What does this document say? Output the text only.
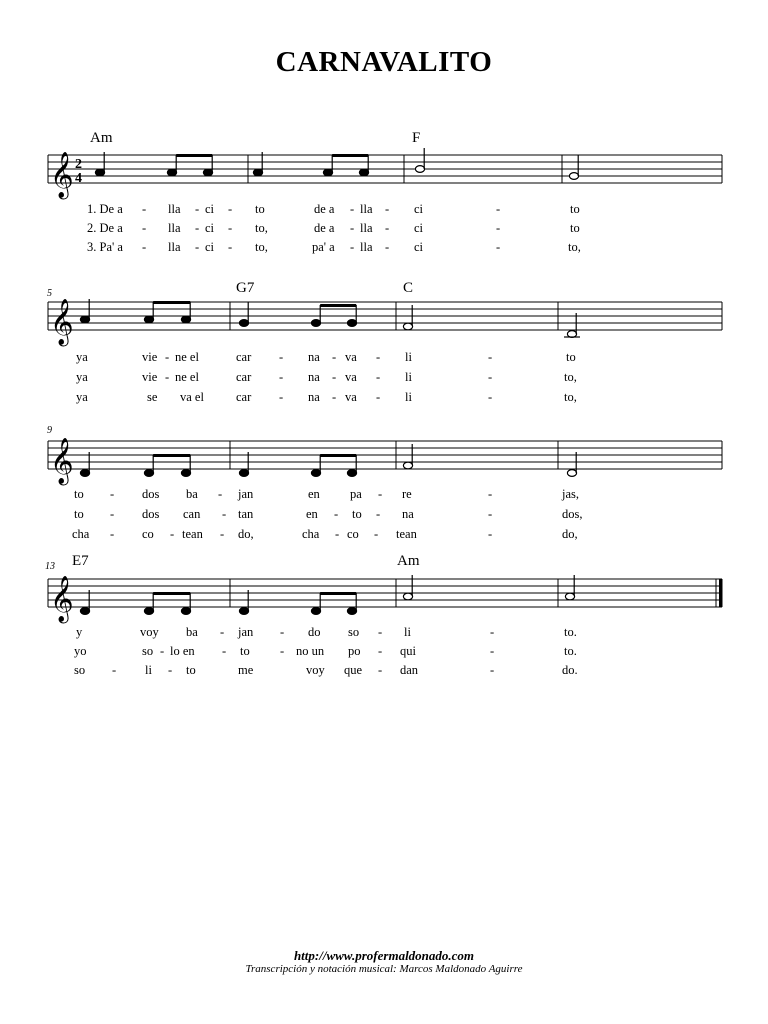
CARNAVALITO
Am	F
𝄞 2
4
1. De a - lla - ci - to	de a - lla - ci	-	to
2. De a - lla - ci - to,	de a - lla - ci	-	to
3. Pa' a - lla - ci - to,	pa' a - lla - ci	-	to,
5	G7	C
𝄞
ya	vie - ne el	car - na - va - li	-	to
ya	vie - ne el	car - na - va - li	-	to,
ya	se va el	car - na - va - li	-	to,
9
𝄞
to - dos ba - jan	en pa - re	-	jas,
to - dos can - tan	en - to - na	-	dos,
cha - co - tean - do,	cha - co - tean	-	do,
13 E7	Am
𝄞
y	voy ba - jan - do so - li	-	to.
yo	so - lo en - to - no un po - qui	-	to.
so - li - to	me	voy que - dan	-	do.
http://www.profermaldonado.com
Transcripción y notación musical: Marcos Maldonado Aguirre
